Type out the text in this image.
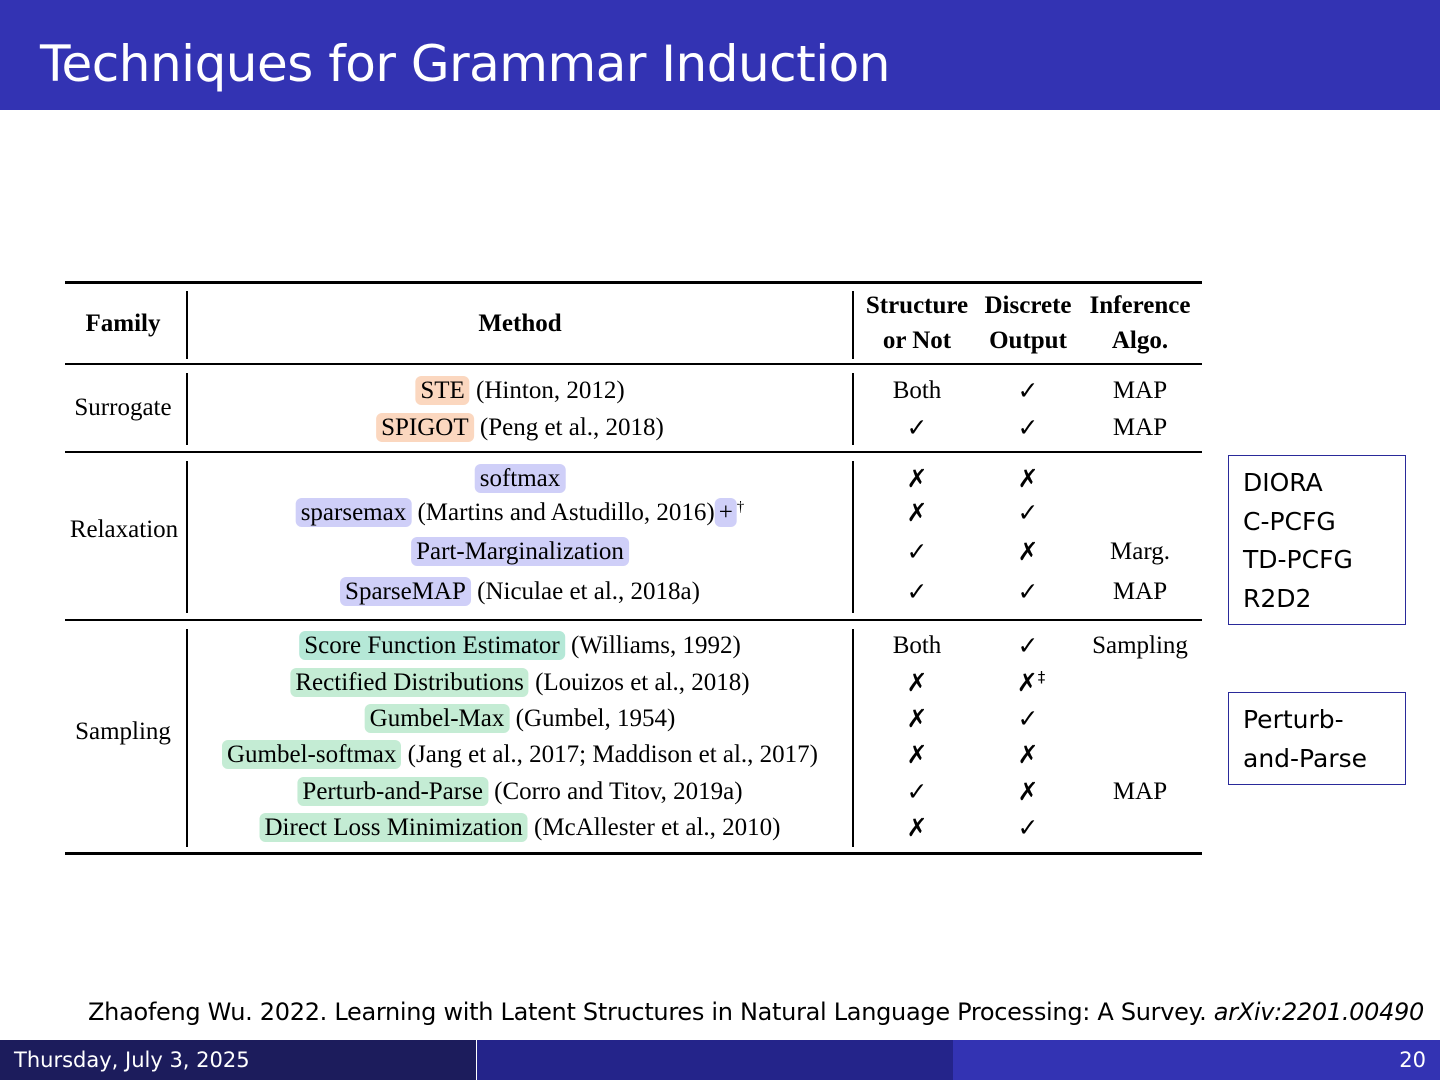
Techniques for Grammar Induction
Family	Method
Structure
or Not
Discrete
Output
Inference
Algo.
Surrogate
Relaxation
Sampling
STE (Hinton, 2012)
SPIGOT (Peng et al., 2018)
softmax
sparsemax (Martins and Astudillo, 2016) + †
Part-Marginalization
SparseMAP (Niculae et al., 2018a)
Score Function Estimator (Williams, 1992)
Rectified Distributions (Louizos et al., 2018)
Gumbel-Max (Gumbel, 1954)
Gumbel-softmax (Jang et al., 2017; Maddison et al., 2017)
Perturb-and-Parse (Corro and Titov, 2019a)
Direct Loss Minimization (McAllester et al., 2010)
Both
✓
✗
✗
✓
✓
Both
✗
✗
✗
✓
✗
✓
✓
✗
✓
✗
✓
✓
✗‡
✓
✗
✗
✓
MAP
MAP
Marg.
MAP
Sampling
MAP
DIORA
C-PCFG
TD-PCFG
R2D2
Perturb-
and-Parse
Zhaofeng Wu. 2022. Learning with Latent Structures in Natural Language Processing: A Survey. arXiv:2201.00490
Thursday, July 3, 2025	20
